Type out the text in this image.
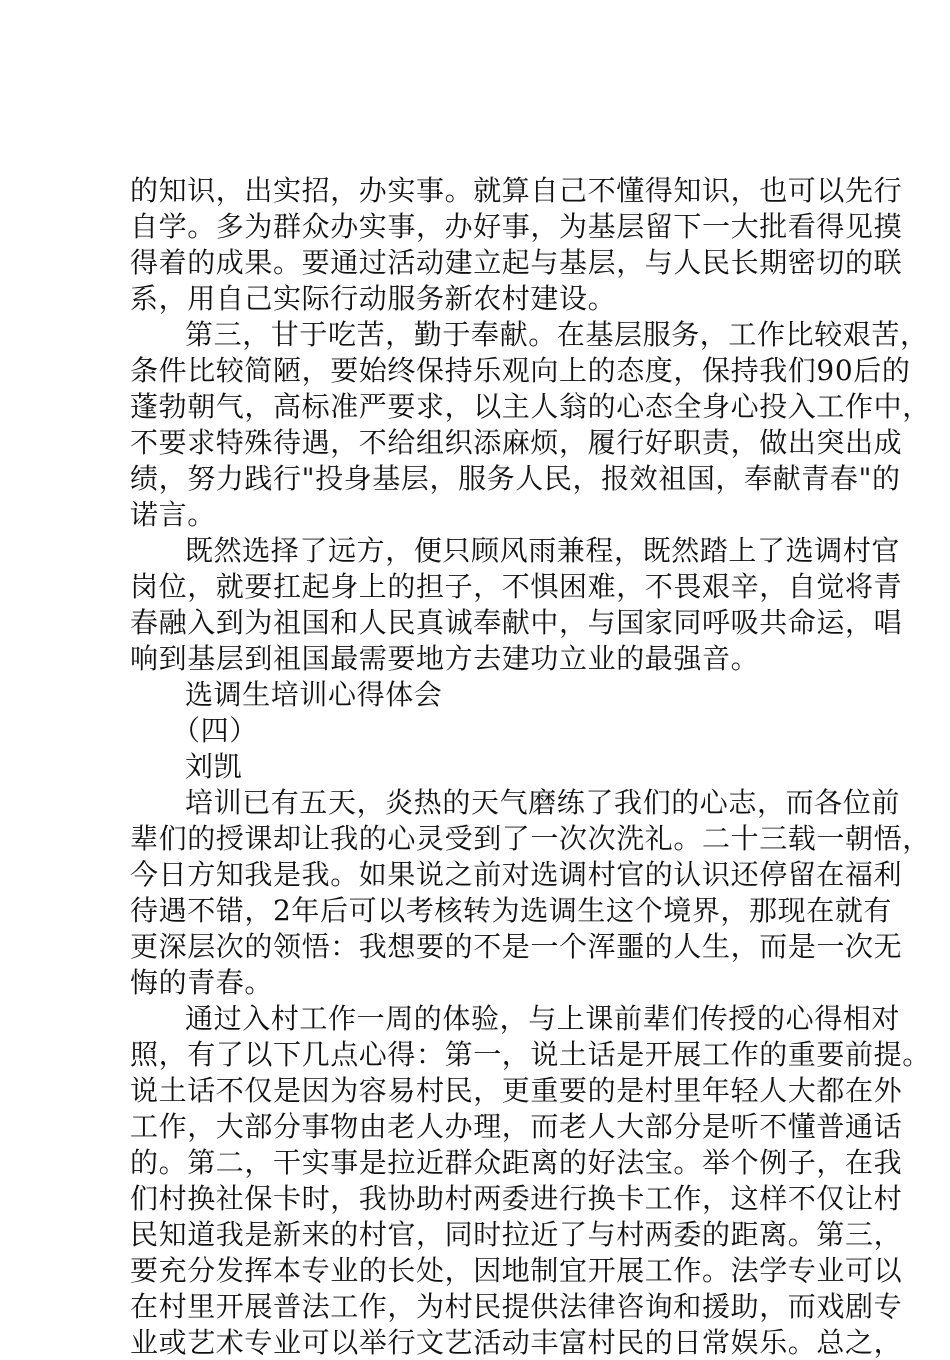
的知识，出实招，办实事。就算自己不懂得知识，也可以先行
自学。多为群众办实事，办好事，为基层留下一大批看得见摸
得着的成果。要通过活动建立起与基层，与人民长期密切的联
系，用自己实际行动服务新农村建设。
第三，甘于吃苦，勤于奉献。在基层服务，工作比较艰苦，
条件比较简陋，要始终保持乐观向上的态度，保持我们90后的
蓬勃朝气，高标准严要求，以主人翁的心态全身心投入工作中，
不要求特殊待遇，不给组织添麻烦，履行好职责，做出突出成
绩，努力践行"投身基层，服务人民，报效祖国，奉献青春"的
诺言。
既然选择了远方，便只顾风雨兼程，既然踏上了选调村官
岗位，就要扛起身上的担子，不惧困难，不畏艰辛，自觉将青
春融入到为祖国和人民真诚奉献中，与国家同呼吸共命运，唱
响到基层到祖国最需要地方去建功立业的最强音。
选调生培训心得体会
（四）
刘凯
培训已有五天，炎热的天气磨练了我们的心志，而各位前
辈们的授课却让我的心灵受到了一次次洗礼。二十三载一朝悟，
今日方知我是我。如果说之前对选调村官的认识还停留在福利
待遇不错，2年后可以考核转为选调生这个境界，那现在就有
更深层次的领悟：我想要的不是一个浑噩的人生，而是一次无
悔的青春。
通过入村工作一周的体验，与上课前辈们传授的心得相对
照，有了以下几点心得：第一，说土话是开展工作的重要前提。
说土话不仅是因为容易村民，更重要的是村里年轻人大都在外
工作，大部分事物由老人办理，而老人大部分是听不懂普通话
的。第二，干实事是拉近群众距离的好法宝。举个例子，在我
们村换社保卡时，我协助村两委进行换卡工作，这样不仅让村
民知道我是新来的村官，同时拉近了与村两委的距离。第三，
要充分发挥本专业的长处，因地制宜开展工作。法学专业可以
在村里开展普法工作，为村民提供法律咨询和援助，而戏剧专
业或艺术专业可以举行文艺活动丰富村民的日常娱乐。总之，
